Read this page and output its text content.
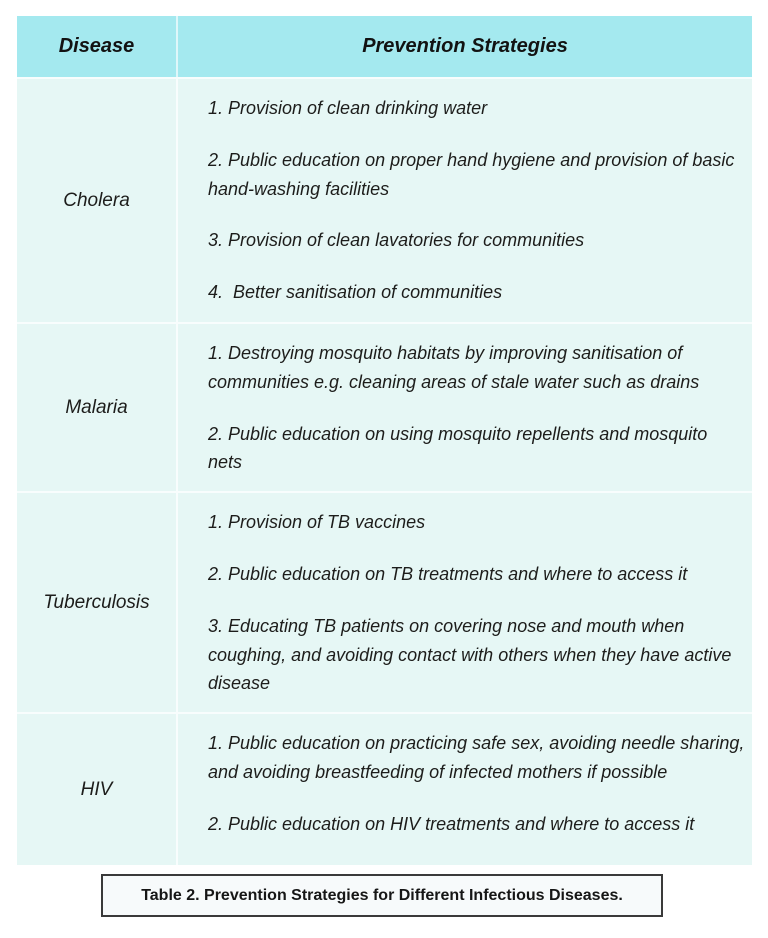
Disease	Prevention Strategies
Cholera

1. Provision of clean drinking water

2. Public education on proper hand hygiene and provision of basic hand-washing facilities

3. Provision of clean lavatories for communities

4.  Better sanitisation of communities

Malaria

1. Destroying mosquito habitats by improving sanitisation of communities e.g. cleaning areas of stale water such as drains

2. Public education on using mosquito repellents and mosquito nets

Tuberculosis

1. Provision of TB vaccines

2. Public education on TB treatments and where to access it

3. Educating TB patients on covering nose and mouth when coughing, and avoiding contact with others when they have active disease

HIV

1. Public education on practicing safe sex, avoiding needle sharing, and avoiding breastfeeding of infected mothers if possible

2. Public education on HIV treatments and where to access it

Table 2. Prevention Strategies for Different Infectious Diseases.
